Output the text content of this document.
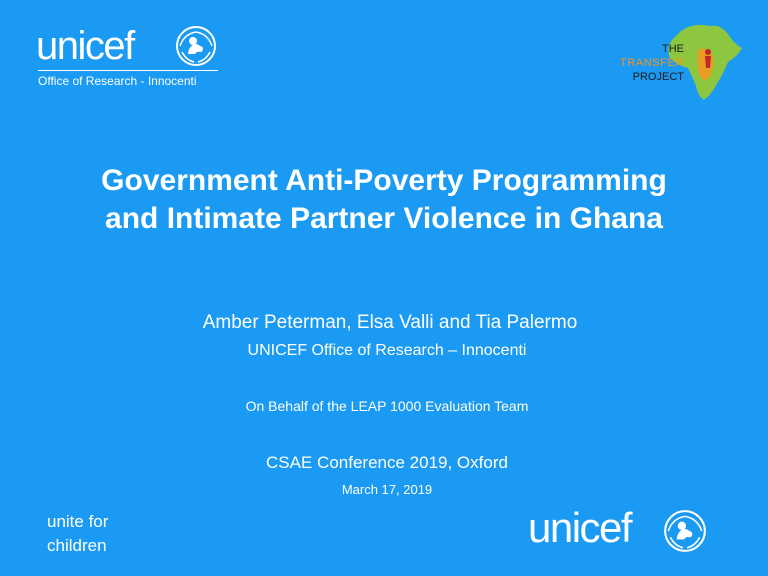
unicef
Office of Research - Innocenti
THE
TRANSFER
PROJECT
Government Anti-Poverty Programming
and Intimate Partner Violence in Ghana
Amber Peterman, Elsa Valli and Tia Palermo
UNICEF Office of Research – Innocenti
On Behalf of the LEAP 1000 Evaluation Team
CSAE Conference 2019, Oxford
March 17, 2019
unite for
children	unicef
